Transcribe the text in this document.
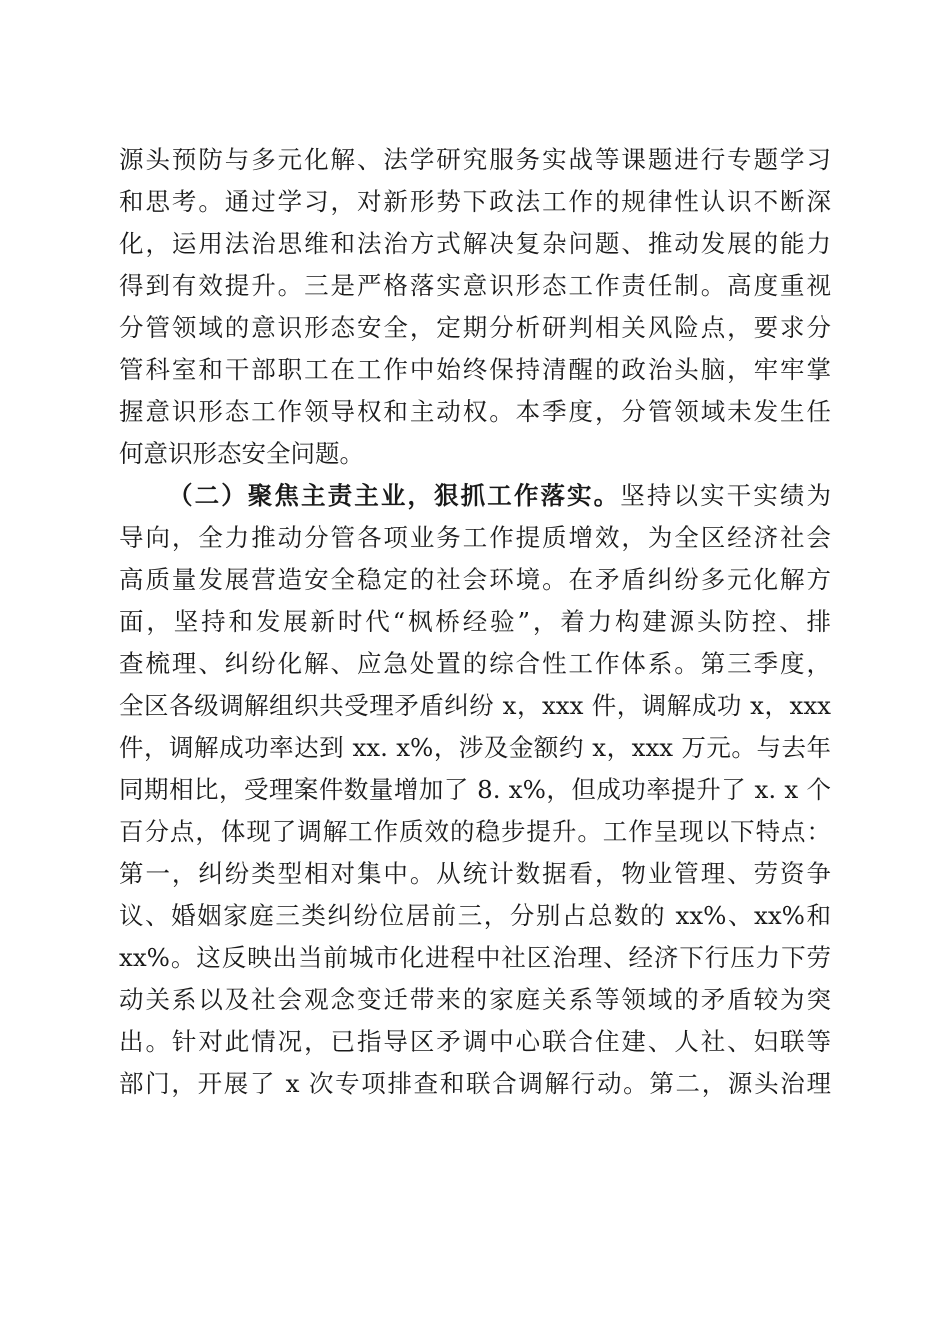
源头预防与多元化解、法学研究服务实战等课题进行专题学习
和思考。通过学习，对新形势下政法工作的规律性认识不断深
化，运用法治思维和法治方式解决复杂问题、推动发展的能力
得到有效提升。三是严格落实意识形态工作责任制。高度重视
分管领域的意识形态安全，定期分析研判相关风险点，要求分
管科室和干部职工在工作中始终保持清醒的政治头脑，牢牢掌
握意识形态工作领导权和主动权。本季度，分管领域未发生任
何意识形态安全问题。
（二）聚焦主责主业，狠抓工作落实。坚持以实干实绩为
导向，全力推动分管各项业务工作提质增效，为全区经济社会
高质量发展营造安全稳定的社会环境。在矛盾纠纷多元化解方
面，坚持和发展新时代“枫桥经验”，着力构建源头防控、排
查梳理、纠纷化解、应急处置的综合性工作体系。第三季度，
全区各级调解组织共受理矛盾纠纷 x，xxx 件，调解成功 x，xxx
件，调解成功率达到 xx. x%，涉及金额约 x，xxx 万元。与去年
同期相比，受理案件数量增加了 8. x%，但成功率提升了 x. x 个
百分点，体现了调解工作质效的稳步提升。工作呈现以下特点：
第一，纠纷类型相对集中。从统计数据看，物业管理、劳资争
议、婚姻家庭三类纠纷位居前三，分别占总数的 xx%、xx%和
xx%。这反映出当前城市化进程中社区治理、经济下行压力下劳
动关系以及社会观念变迁带来的家庭关系等领域的矛盾较为突
出。针对此情况，已指导区矛调中心联合住建、人社、妇联等
部门，开展了 x 次专项排查和联合调解行动。第二，源头治理
